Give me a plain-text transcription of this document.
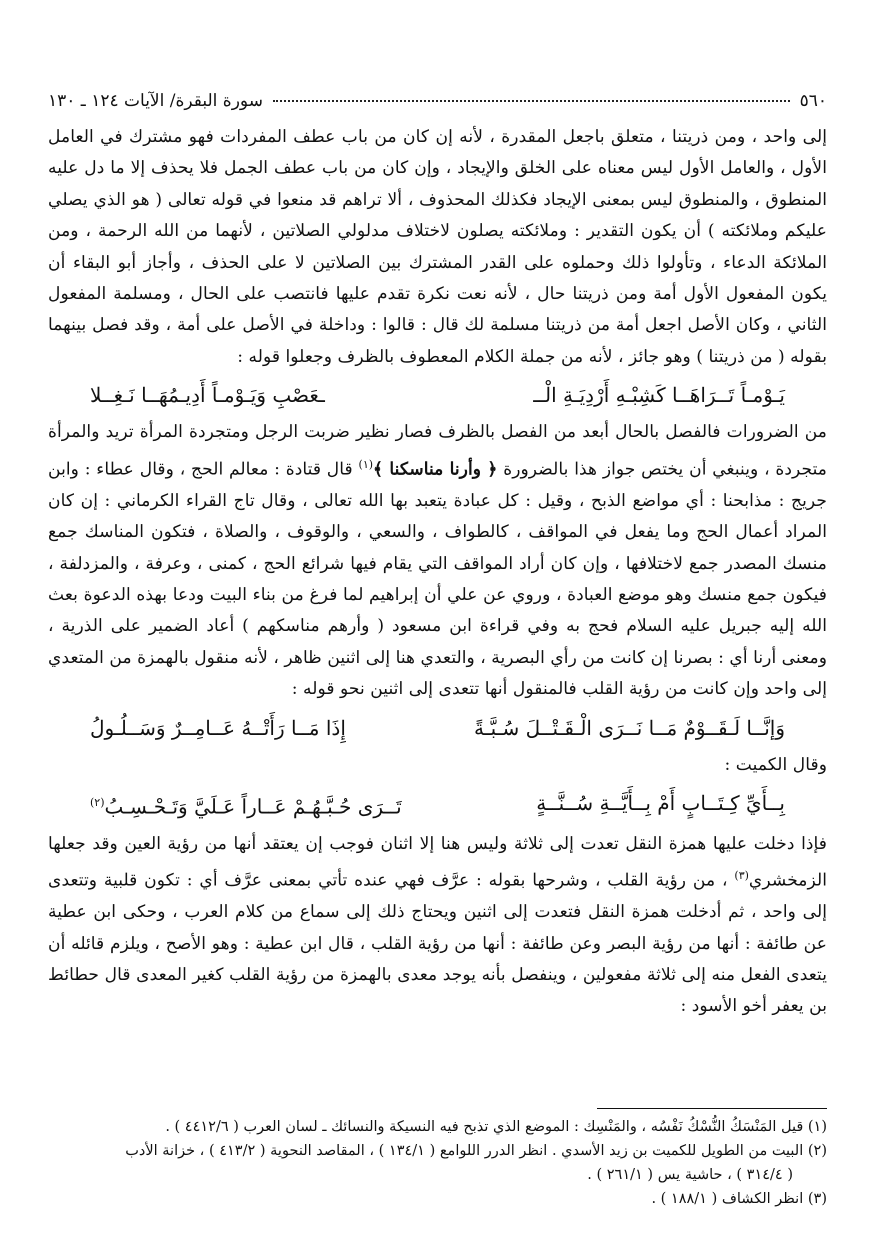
٥٦٠
سورة البقرة/ الآيات ١٢٤ ـ ١٣٠

إلى واحد ، ومن ذريتنا ، متعلق باجعل المقدرة ، لأنه إن كان من باب عطف المفردات فهو مشترك في العامل الأول ، والعامل الأول ليس معناه على الخلق والإيجاد ، وإن كان من باب عطف الجمل فلا يحذف إلا ما دل عليه المنطوق ، والمنطوق ليس بمعنى الإيجاد فكذلك المحذوف ، ألا تراهم قد منعوا في قوله تعالى ( هو الذي يصلي عليكم وملائكته ) أن يكون التقدير : وملائكته يصلون لاختلاف مدلولي الصلاتين ، لأنهما من الله الرحمة ، ومن الملائكة الدعاء ، وتأولوا ذلك وحملوه على القدر المشترك بين الصلاتين لا على الحذف ، وأجاز أبو البقاء أن يكون المفعول الأول أمة ومن ذريتنا حال ، لأنه نعت نكرة تقدم عليها فانتصب على الحال ، ومسلمة المفعول الثاني ، وكان الأصل اجعل أمة من ذريتنا مسلمة لك قال : قالوا : وداخلة في الأصل على أمة ، وقد فصل بينهما بقوله ( من ذريتنا ) وهو جائز ، لأنه من جملة الكلام المعطوف بالظرف وجعلوا قوله :

يَـوْمـاً تَــرَاهَــا كَشِبْـهِ أَرْدِيَـةِ الْــ
ـعَصْبِ وَيَـوْمـاً أَدِيـمُهَــا نَـغِــلا

من الضرورات فالفصل بالحال أبعد من الفصل بالظرف فصار نظير ضربت الرجل ومتجردة المرأة تريد والمرأة متجردة ، وينبغي أن يختص جواز هذا بالضرورة ﴿ وأرنا مناسكنا ﴾$^{(١)}$ قال قتادة : معالم الحج ، وقال عطاء : وابن جريج : مذابحنا : أي مواضع الذبح ، وقيل : كل عبادة يتعبد بها الله تعالى ، وقال تاج القراء الكرماني : إن كان المراد أعمال الحج وما يفعل في المواقف ، كالطواف ، والسعي ، والوقوف ، والصلاة ، فتكون المناسك جمع منسك المصدر جمع لاختلافها ، وإن كان أراد المواقف التي يقام فيها شرائع الحج ، كمنى ، وعرفة ، والمزدلفة ، فيكون جمع منسك وهو موضع العبادة ، وروي عن علي أن إبراهيم لما فرغ من بناء البيت ودعا بهذه الدعوة بعث الله إليه جبريل عليه السلام فحج به وفي قراءة ابن مسعود ( وأرهم مناسكهم ) أعاد الضمير على الذرية ، ومعنى أرنا أي : بصرنا إن كانت من رأي البصرية ، والتعدي هنا إلى اثنين ظاهر ، لأنه منقول بالهمزة من المتعدي إلى واحد وإن كانت من رؤية القلب فالمنقول أنها تتعدى إلى اثنين نحو قوله :

وَإنَّــا لَـقَــوْمٌ مَــا نَــرَى الْـقَـتْــلَ سُـبَّـةً
إِذَا مَــا رَأَتْــهُ عَــامِــرٌ وَسَــلُـولُ

وقال الكميت :

بِــأَيِّ كِـتَــابٍ أَمْ بِــأَيَّــةِ سُــنَّــةٍ
تَــرَى حُـبَّـهُـمْ عَــاراً عَـلَيَّ وَتَـحْـسِـبُ$^{(٢)}$

فإذا دخلت عليها همزة النقل تعدت إلى ثلاثة وليس هنا إلا اثنان فوجب إن يعتقد أنها من رؤية العين وقد جعلها الزمخشري$^{(٣)}$ ، من رؤية القلب ، وشرحها بقوله : عرَّف فهي عنده تأتي بمعنى عرَّف أي : تكون قلبية وتتعدى إلى واحد ، ثم أدخلت همزة النقل فتعدت إلى اثنين ويحتاج ذلك إلى سماع من كلام العرب ، وحكى ابن عطية عن طائفة : أنها من رؤية البصر وعن طائفة : أنها من رؤية القلب ، قال ابن عطية : وهو الأصح ، ويلزم قائله أن يتعدى الفعل منه إلى ثلاثة مفعولين ، وينفصل بأنه يوجد معدى بالهمزة من رؤية القلب كغير المعدى قال حطائط بن يعفر أخو الأسود :

(١) قيل المَنْسَكُ النُّسْكُ نَفْسُه ، والمَنْسِك : الموضع الذي تذبح فيه النسيكة والنسائك ـ لسان العرب ( ٤٤١٢/٦ ) .

(٢) البيت من الطويل للكميت بن زيد الأسدي . انظر الدرر اللوامع ( ١٣٤/١ ) ، المقاصد النحوية ( ٤١٣/٢ ) ، خزانة الأدب

( ٣١٤/٤ ) ، حاشية يس ( ٢٦١/١ ) .

(٣) انظر الكشاف ( ١٨٨/١ ) .
